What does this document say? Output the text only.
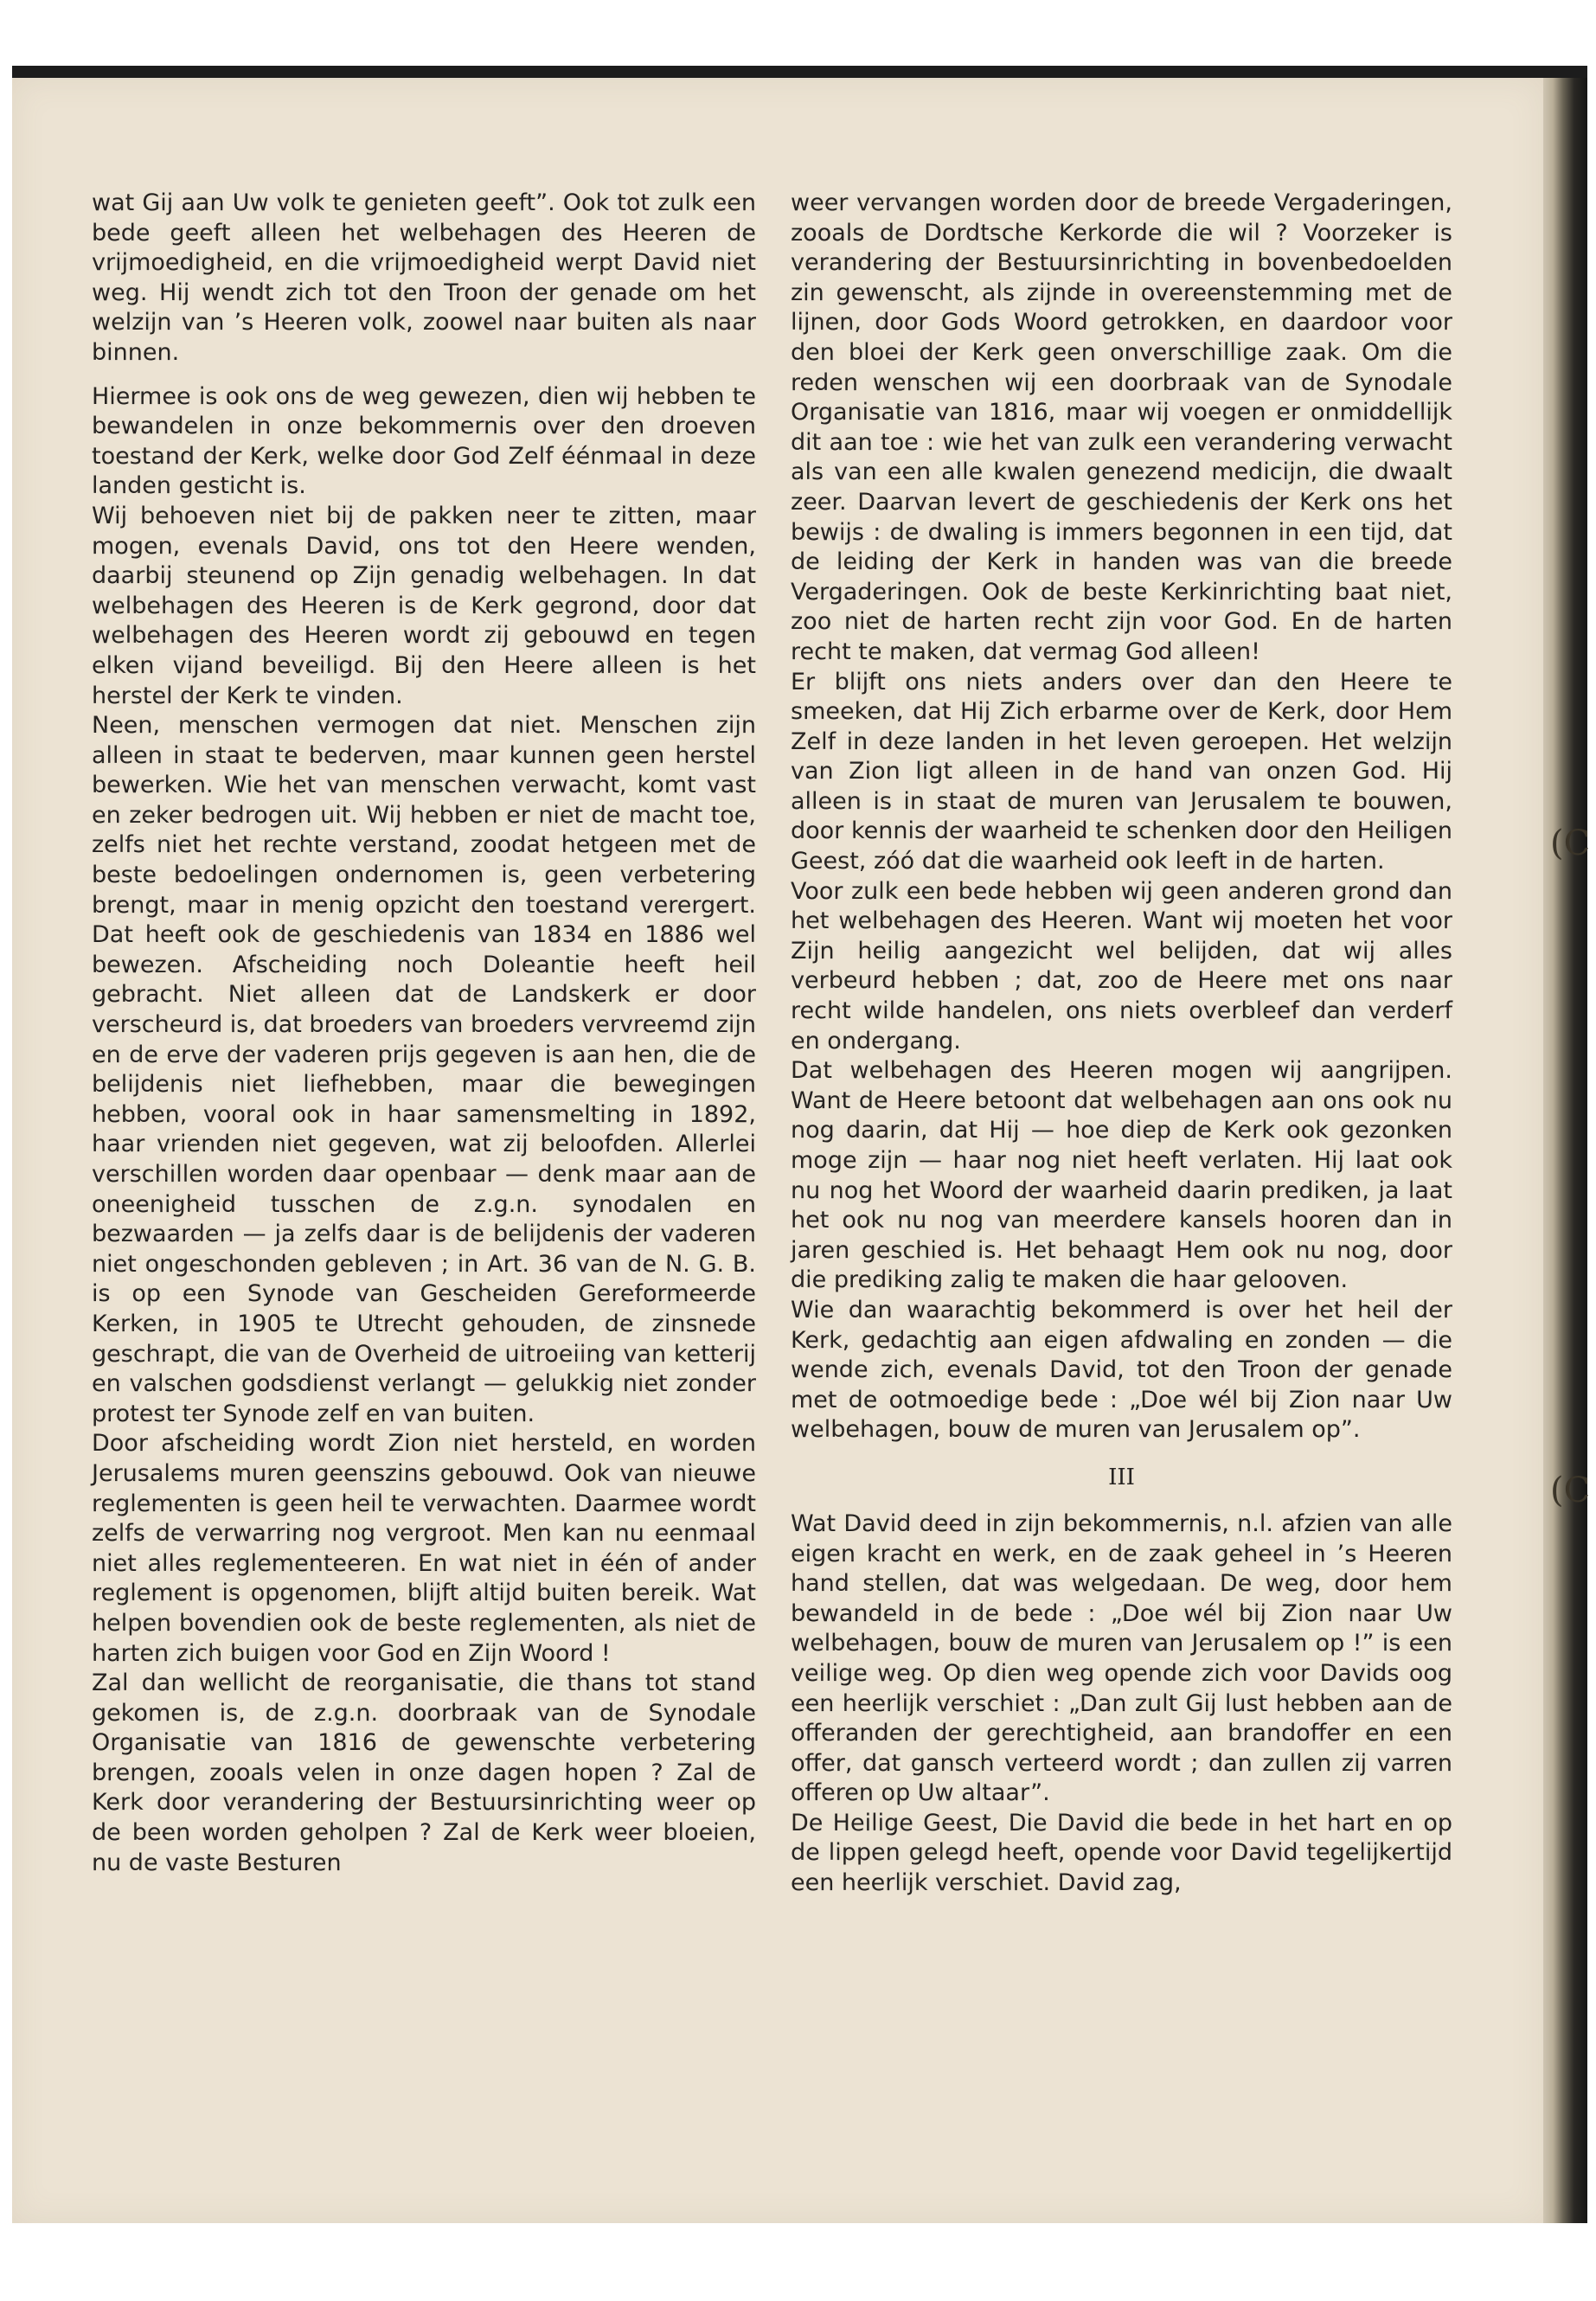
(C
(C

wat Gij aan Uw volk te genieten geeft”. Ook tot zulk een bede geeft alleen het welbehagen des Heeren de vrijmoedigheid, en die vrijmoedigheid werpt David niet weg. Hij wendt zich tot den Troon der genade om het welzijn van ’s Heeren volk, zoowel naar buiten als naar binnen.

Hiermee is ook ons de weg gewezen, dien wij hebben te bewandelen in onze bekommernis over den droeven toestand der Kerk, welke door God Zelf éénmaal in deze landen gesticht is.

Wij behoeven niet bij de pakken neer te zitten, maar mogen, evenals David, ons tot den Heere wenden, daarbij steunend op Zijn genadig welbehagen. In dat welbehagen des Heeren is de Kerk gegrond, door dat welbehagen des Heeren wordt zij gebouwd en tegen elken vijand beveiligd. Bij den Heere alleen is het herstel der Kerk te vinden.

Neen, menschen vermogen dat niet. Menschen zijn alleen in staat te bederven, maar kunnen geen herstel bewerken. Wie het van menschen verwacht, komt vast en zeker bedrogen uit. Wij hebben er niet de macht toe, zelfs niet het rechte verstand, zoodat hetgeen met de beste bedoelingen ondernomen is, geen verbetering brengt, maar in menig opzicht den toestand verergert. Dat heeft ook de geschiedenis van 1834 en 1886 wel bewezen. Afscheiding noch Doleantie heeft heil gebracht. Niet alleen dat de Landskerk er door verscheurd is, dat broeders van broeders vervreemd zijn en de erve der vaderen prijs gegeven is aan hen, die de belijdenis niet liefhebben, maar die bewegingen hebben, vooral ook in haar samensmelting in 1892, haar vrienden niet gegeven, wat zij beloofden. Allerlei verschillen worden daar openbaar — denk maar aan de oneenigheid tusschen de z.g.n. synodalen en bezwaarden — ja zelfs daar is de belijdenis der vaderen niet ongeschonden gebleven ; in Art. 36 van de N. G. B. is op een Synode van Gescheiden Gereformeerde Kerken, in 1905 te Utrecht gehouden, de zinsnede geschrapt, die van de Overheid de uitroeiing van ketterij en valschen godsdienst verlangt — gelukkig niet zonder protest ter Synode zelf en van buiten.

Door afscheiding wordt Zion niet hersteld, en worden Jerusalems muren geenszins gebouwd. Ook van nieuwe reglementen is geen heil te verwachten. Daarmee wordt zelfs de verwarring nog vergroot. Men kan nu eenmaal niet alles reglementeeren. En wat niet in één of ander reglement is opgenomen, blijft altijd buiten bereik. Wat helpen bovendien ook de beste reglementen, als niet de harten zich buigen voor God en Zijn Woord !

Zal dan wellicht de reorganisatie, die thans tot stand gekomen is, de z.g.n. doorbraak van de Synodale Organisatie van 1816 de gewenschte verbetering brengen, zooals velen in onze dagen hopen ? Zal de Kerk door verandering der Bestuursinrichting weer op de been worden geholpen ? Zal de Kerk weer bloeien, nu de vaste Besturen

weer vervangen worden door de breede Vergaderingen, zooals de Dordtsche Kerkorde die wil ? Voorzeker is verandering der Bestuursinrichting in bovenbedoelden zin gewenscht, als zijnde in overeenstemming met de lijnen, door Gods Woord getrokken, en daardoor voor den bloei der Kerk geen onverschillige zaak. Om die reden wenschen wij een doorbraak van de Synodale Organisatie van 1816, maar wij voegen er onmiddellijk dit aan toe : wie het van zulk een verandering verwacht als van een alle kwalen genezend medicijn, die dwaalt zeer. Daarvan levert de geschiedenis der Kerk ons het bewijs : de dwaling is immers begonnen in een tijd, dat de leiding der Kerk in handen was van die breede Vergaderingen. Ook de beste Kerkinrichting baat niet, zoo niet de harten recht zijn voor God. En de harten recht te maken, dat vermag God alleen!

Er blijft ons niets anders over dan den Heere te smeeken, dat Hij Zich erbarme over de Kerk, door Hem Zelf in deze landen in het leven geroepen. Het welzijn van Zion ligt alleen in de hand van onzen God. Hij alleen is in staat de muren van Jerusalem te bouwen, door kennis der waarheid te schenken door den Heiligen Geest, zóó dat die waarheid ook leeft in de harten.

Voor zulk een bede hebben wij geen anderen grond dan het welbehagen des Heeren. Want wij moeten het voor Zijn heilig aangezicht wel belijden, dat wij alles verbeurd hebben ; dat, zoo de Heere met ons naar recht wilde handelen, ons niets overbleef dan verderf en ondergang.

Dat welbehagen des Heeren mogen wij aangrijpen. Want de Heere betoont dat welbehagen aan ons ook nu nog daarin, dat Hij — hoe diep de Kerk ook gezonken moge zijn — haar nog niet heeft verlaten. Hij laat ook nu nog het Woord der waarheid daarin prediken, ja laat het ook nu nog van meerdere kansels hooren dan in jaren geschied is. Het behaagt Hem ook nu nog, door die prediking zalig te maken die haar gelooven.

Wie dan waarachtig bekommerd is over het heil der Kerk, gedachtig aan eigen afdwaling en zonden — die wende zich, evenals David, tot den Troon der genade met de ootmoedige bede : „Doe wél bij Zion naar Uw welbehagen, bouw de muren van Jerusalem op”.

III

Wat David deed in zijn bekommernis, n.l. afzien van alle eigen kracht en werk, en de zaak geheel in ’s Heeren hand stellen, dat was welgedaan. De weg, door hem bewandeld in de bede : „Doe wél bij Zion naar Uw welbehagen, bouw de muren van Jerusalem op !” is een veilige weg. Op dien weg opende zich voor Davids oog een heerlijk verschiet : „Dan zult Gij lust hebben aan de offeranden der gerechtigheid, aan brandoffer en een offer, dat gansch verteerd wordt ; dan zullen zij varren offeren op Uw altaar”.

De Heilige Geest, Die David die bede in het hart en op de lippen gelegd heeft, opende voor David tegelijkertijd een heerlijk verschiet. David zag,
